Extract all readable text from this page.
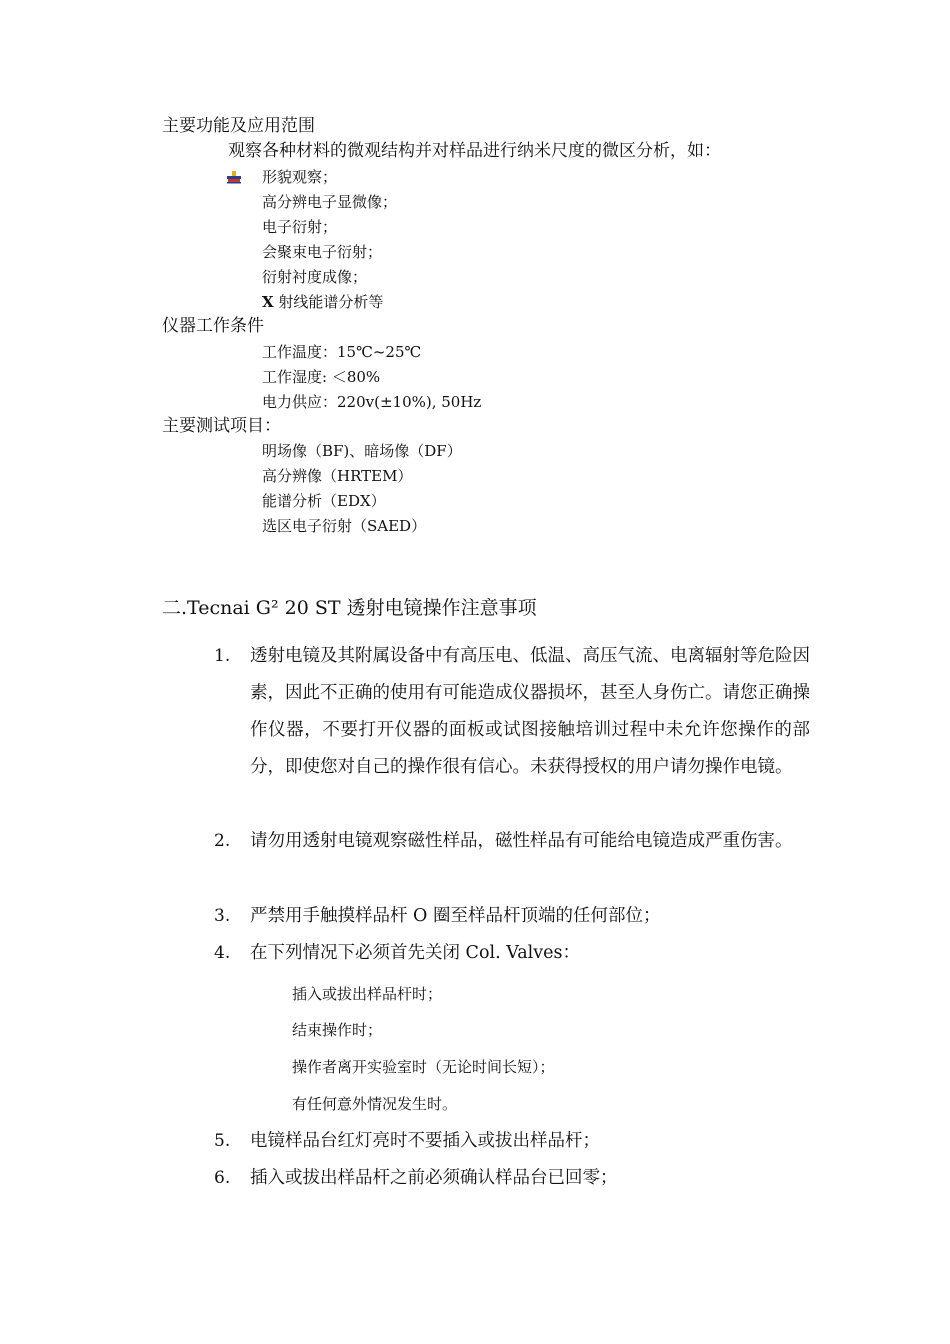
主要功能及应用范围
观察各种材料的微观结构并对样品进行纳米尺度的微区分析，如：
形貌观察；
高分辨电子显微像；
电子衍射；
会聚束电子衍射；
衍射衬度成像；
X 射线能谱分析等
仪器工作条件
工作温度：15℃~25℃
工作湿度: ＜80%
电力供应：220v(±10%), 50Hz
主要测试项目：
明场像（BF)、暗场像（DF）
高分辨像（HRTEM）
能谱分析（EDX）
选区电子衍射（SAED）
二.Tecnai G² 20 ST 透射电镜操作注意事项
1. 透射电镜及其附属设备中有高压电、低温、高压气流、电离辐射等危险因素，因此不正确的使用有可能造成仪器损坏，甚至人身伤亡。请您正确操作仪器，不要打开仪器的面板或试图接触培训过程中未允许您操作的部分，即使您对自己的操作很有信心。未获得授权的用户请勿操作电镜。
2. 请勿用透射电镜观察磁性样品，磁性样品有可能给电镜造成严重伤害。
3. 严禁用手触摸样品杆 O 圈至样品杆顶端的任何部位；
4. 在下列情况下必须首先关闭 Col. Valves：
插入或拔出样品杆时；
结束操作时；
操作者离开实验室时（无论时间长短）；
有任何意外情况发生时。
5. 电镜样品台红灯亮时不要插入或拔出样品杆；
6. 插入或拔出样品杆之前必须确认样品台已回零；
